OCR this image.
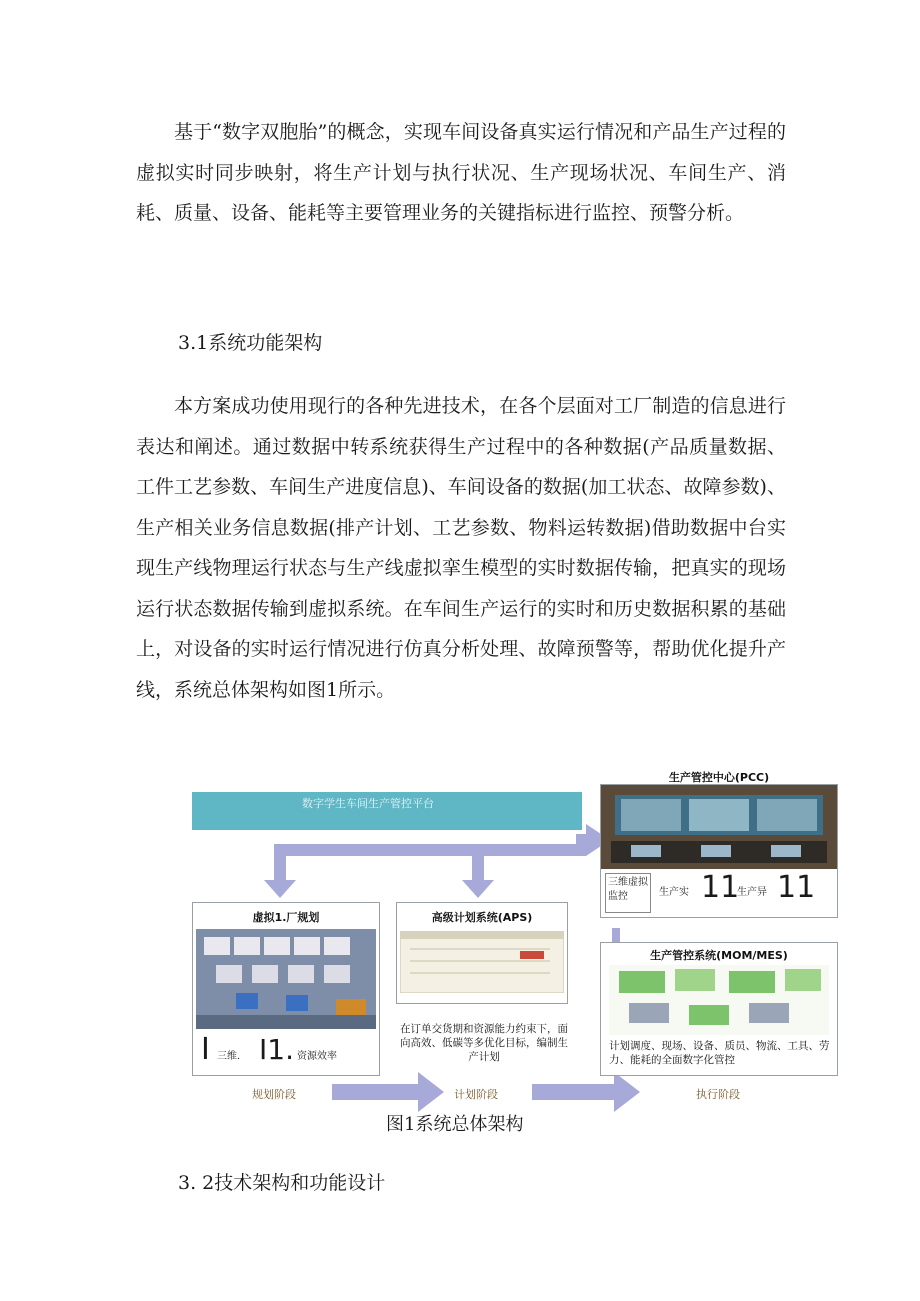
基于“数字双胞胎”的概念，实现车间设备真实运行情况和产品生产过程的虚拟实时同步映射，将生产计划与执行状况、生产现场状况、车间生产、消耗、质量、设备、能耗等主要管理业务的关键指标进行监控、预警分析。

3.1系统功能架构

本方案成功使用现行的各种先进技术，在各个层面对工厂制造的信息进行表达和阐述。通过数据中转系统获得生产过程中的各种数据(产品质量数据、工件工艺参数、车间生产进度信息)、车间设备的数据(加工状态、故障参数)、生产相关业务信息数据(排产计划、工艺参数、物料运转数据)借助数据中台实现生产线物理运行状态与生产线虚拟挛生模型的实时数据传输，把真实的现场运行状态数据传输到虚拟系统。在车间生产运行的实时和历史数据积累的基础上，对设备的实时运行情况进行仿真分析处理、故障预警等，帮助优化提升产线，系统总体架构如图1所示。

数字学生车间生产管控平台
生产管控中心(PCC)
三维虚拟监控	生产实 11
生产异 11
虚拟1.厂规划
I 三维. I1. 资源效率
高级计划系统(APS)
在订单交货期和资源能力约束下，面向高效、低碳等多优化目标，编制生产计划
生产管控系统(MOM/MES)
计划调度、现场、设备、质员、物流、工具、劳力、能耗的全面数字化管控
规划阶段	计划阶段	执行阶段
图1系统总体架构

3. 2技术架构和功能设计
